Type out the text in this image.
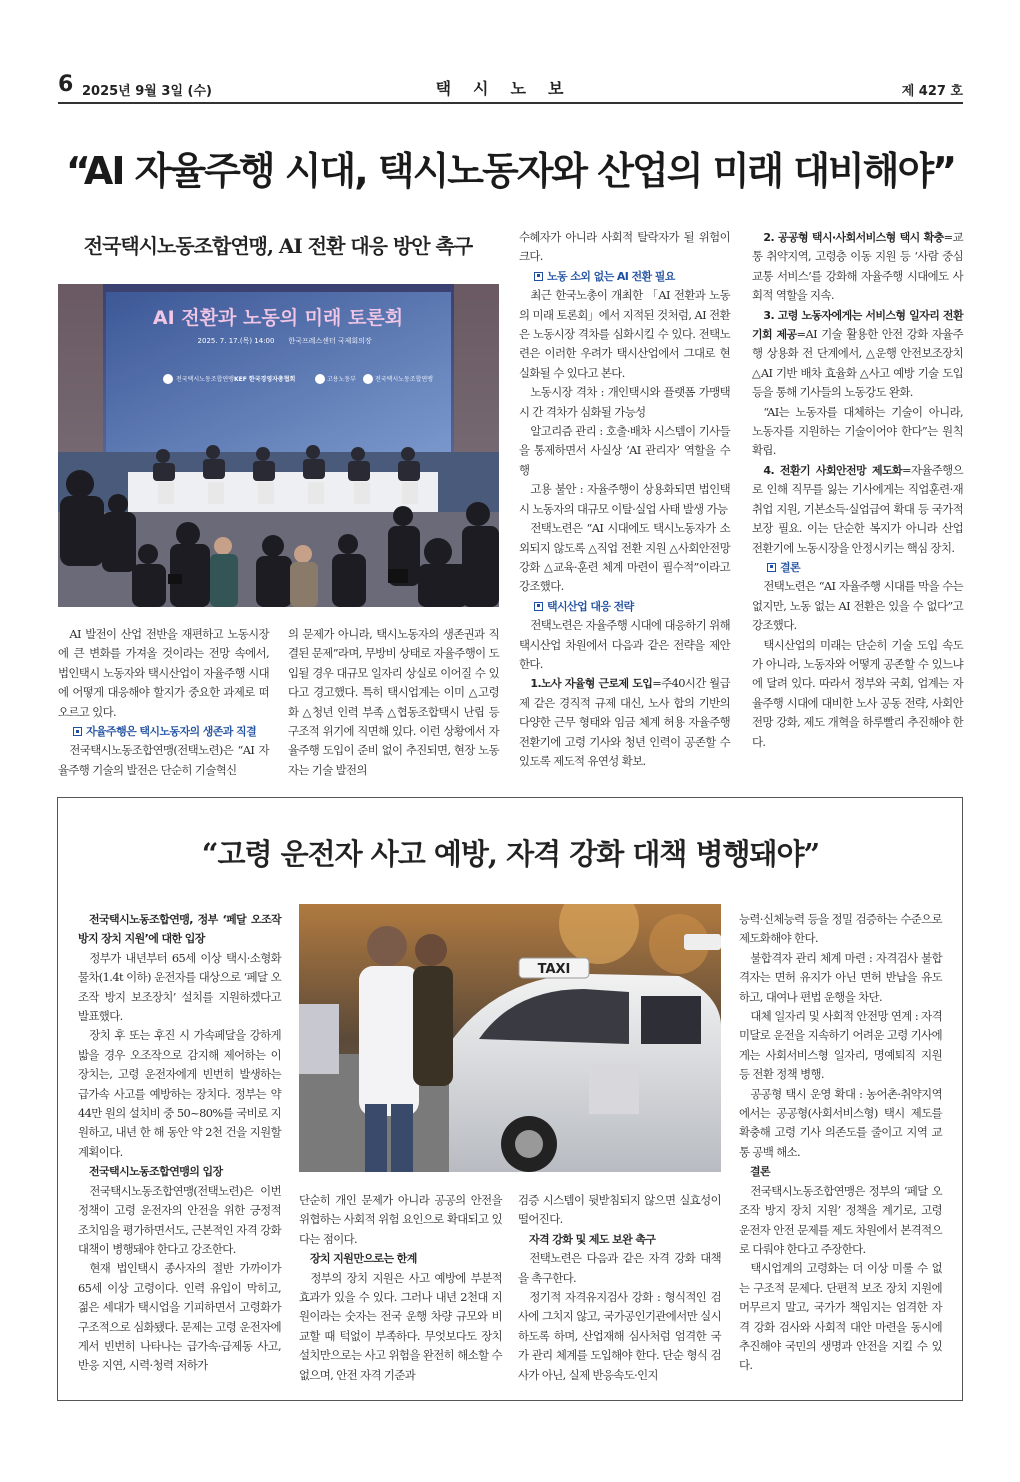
6 2025년 9월 3일 (수)	택시노보	제 427 호
“AI 자율주행 시대, 택시노동자와 산업의 미래 대비해야”
전국택시노동조합연맹, AI 전환 대응 방안 촉구
AI 전환과 노동의 미래 토론회
2025. 7. 17.(목) 14:00 한국프레스센터 국제회의장
전국택시노동조합연맹 KEF 한국경영자총협회	고용노동부	전국택시노동조합연맹

AI 발전이 산업 전반을 재편하고 노동시장에 큰 변화를 가져올 것이라는 전망 속에서, 법인택시 노동자와 택시산업이 자율주행 시대에 어떻게 대응해야 할지가 중요한 과제로 떠오르고 있다.

자율주행은 택시노동자의 생존과 직결

전국택시노동조합연맹(전택노련)은 “AI 자율주행 기술의 발전은 단순히 기술혁신

의 문제가 아니라, 택시노동자의 생존권과 직결된 문제”라며, 무방비 상태로 자율주행이 도입될 경우 대규모 일자리 상실로 이어질 수 있다고 경고했다. 특히 택시업계는 이미 △고령화 △청년 인력 부족 △협동조합택시 난립 등 구조적 위기에 직면해 있다. 이런 상황에서 자율주행 도입이 준비 없이 추진되면, 현장 노동자는 기술 발전의

수혜자가 아니라 사회적 탈락자가 될 위험이 크다.

노동 소외 없는 AI 전환 필요

최근 한국노총이 개최한 「AI 전환과 노동의 미래 토론회」에서 지적된 것처럼, AI 전환은 노동시장 격차를 심화시킬 수 있다. 전택노련은 이러한 우려가 택시산업에서 그대로 현실화될 수 있다고 본다.

노동시장 격차 : 개인택시와 플랫폼 가맹택시 간 격차가 심화될 가능성

알고리즘 관리 : 호출·배차 시스템이 기사들을 통제하면서 사실상 ‘AI 관리자’ 역할을 수행

고용 불안 : 자율주행이 상용화되면 법인택시 노동자의 대규모 이탈·실업 사태 발생 가능

전택노련은 “AI 시대에도 택시노동자가 소외되지 않도록 △직업 전환 지원 △사회안전망 강화 △교육·훈련 체계 마련이 필수적”이라고 강조했다.

택시산업 대응 전략

전택노련은 자율주행 시대에 대응하기 위해 택시산업 차원에서 다음과 같은 전략을 제안한다.

1.노사 자율형 근로제 도입=주40시간 월급제 같은 경직적 규제 대신, 노사 합의 기반의 다양한 근무 형태와 임금 체계 허용 자율주행 전환기에 고령 기사와 청년 인력이 공존할 수 있도록 제도적 유연성 확보.

2. 공공형 택시·사회서비스형 택시 확충=교통 취약지역, 고령층 이동 지원 등 ‘사람 중심 교통 서비스’를 강화해 자율주행 시대에도 사회적 역할을 지속.

3. 고령 노동자에게는 서비스형 일자리 전환 기회 제공=AI 기술 활용한 안전 강화 자율주행 상용화 전 단계에서, △운행 안전보조장치 △AI 기반 배차 효율화 △사고 예방 기술 도입 등을 통해 기사들의 노동강도 완화.

“AI는 노동자를 대체하는 기술이 아니라, 노동자를 지원하는 기술이어야 한다”는 원칙 확립.

4. 전환기 사회안전망 제도화=자율주행으로 인해 직무를 잃는 기사에게는 직업훈련·재취업 지원, 기본소득·실업급여 확대 등 국가적 보장 필요. 이는 단순한 복지가 아니라 산업 전환기에 노동시장을 안정시키는 핵심 장치.

결론

전택노련은 “AI 자율주행 시대를 막을 수는 없지만, 노동 없는 AI 전환은 있을 수 없다”고 강조했다.

택시산업의 미래는 단순히 기술 도입 속도가 아니라, 노동자와 어떻게 공존할 수 있느냐에 달려 있다. 따라서 정부와 국회, 업계는 자율주행 시대에 대비한 노사 공동 전략, 사회안전망 강화, 제도 개혁을 하루빨리 추진해야 한다.

“고령 운전자 사고 예방, 자격 강화 대책 병행돼야”
TAXI

전국택시노동조합연맹, 정부 ‘페달 오조작 방지 장치 지원’에 대한 입장

정부가 내년부터 65세 이상 택시·소형화물차(1.4t 이하) 운전자를 대상으로 ‘페달 오조작 방지 보조장치’ 설치를 지원하겠다고 발표했다.

장치 후 또는 후진 시 가속페달을 강하게 밟을 경우 오조작으로 감지해 제어하는 이 장치는, 고령 운전자에게 빈번히 발생하는 급가속 사고를 예방하는 장치다. 정부는 약 44만 원의 설치비 중 50~80%를 국비로 지원하고, 내년 한 해 동안 약 2천 건을 지원할 계획이다.

전국택시노동조합연맹의 입장

전국택시노동조합연맹(전택노련)은 이번 정책이 고령 운전자의 안전을 위한 긍정적 조치임을 평가하면서도, 근본적인 자격 강화 대책이 병행돼야 한다고 강조한다.

현재 법인택시 종사자의 절반 가까이가 65세 이상 고령이다. 인력 유입이 막히고, 젊은 세대가 택시업을 기피하면서 고령화가 구조적으로 심화됐다. 문제는 고령 운전자에게서 빈번히 나타나는 급가속·급제동 사고, 반응 지연, 시력·청력 저하가

단순히 개인 문제가 아니라 공공의 안전을 위협하는 사회적 위험 요인으로 확대되고 있다는 점이다.

장치 지원만으로는 한계

정부의 장치 지원은 사고 예방에 부분적 효과가 있을 수 있다. 그러나 내년 2천대 지원이라는 숫자는 전국 운행 차량 규모와 비교할 때 턱없이 부족하다. 무엇보다도 장치 설치만으로는 사고 위험을 완전히 해소할 수 없으며, 안전 자격 기준과

검증 시스템이 뒷받침되지 않으면 실효성이 떨어진다.

자격 강화 및 제도 보완 촉구

전택노련은 다음과 같은 자격 강화 대책을 촉구한다.

정기적 자격유지검사 강화 : 형식적인 검사에 그치지 않고, 국가공인기관에서만 실시하도록 하며, 산업재해 심사처럼 엄격한 국가 관리 체계를 도입해야 한다. 단순 형식 검사가 아닌, 실제 반응속도·인지

능력·신체능력 등을 정밀 검증하는 수준으로 제도화해야 한다.

불합격자 관리 체계 마련 : 자격검사 불합격자는 면허 유지가 아닌 면허 반납을 유도하고, 대여나 편법 운행을 차단.

대체 일자리 및 사회적 안전망 연계 : 자격 미달로 운전을 지속하기 어려운 고령 기사에게는 사회서비스형 일자리, 명예퇴직 지원 등 전환 정책 병행.

공공형 택시 운영 확대 : 농어촌·취약지역에서는 공공형(사회서비스형) 택시 제도를 확충해 고령 기사 의존도를 줄이고 지역 교통 공백 해소.

결론

전국택시노동조합연맹은 정부의 ‘페달 오조작 방지 장치 지원’ 정책을 계기로, 고령 운전자 안전 문제를 제도 차원에서 본격적으로 다뤄야 한다고 주장한다.

택시업계의 고령화는 더 이상 미룰 수 없는 구조적 문제다. 단편적 보조 장치 지원에 머무르지 말고, 국가가 책임지는 엄격한 자격 강화 검사와 사회적 대안 마련을 동시에 추진해야 국민의 생명과 안전을 지킬 수 있다.
